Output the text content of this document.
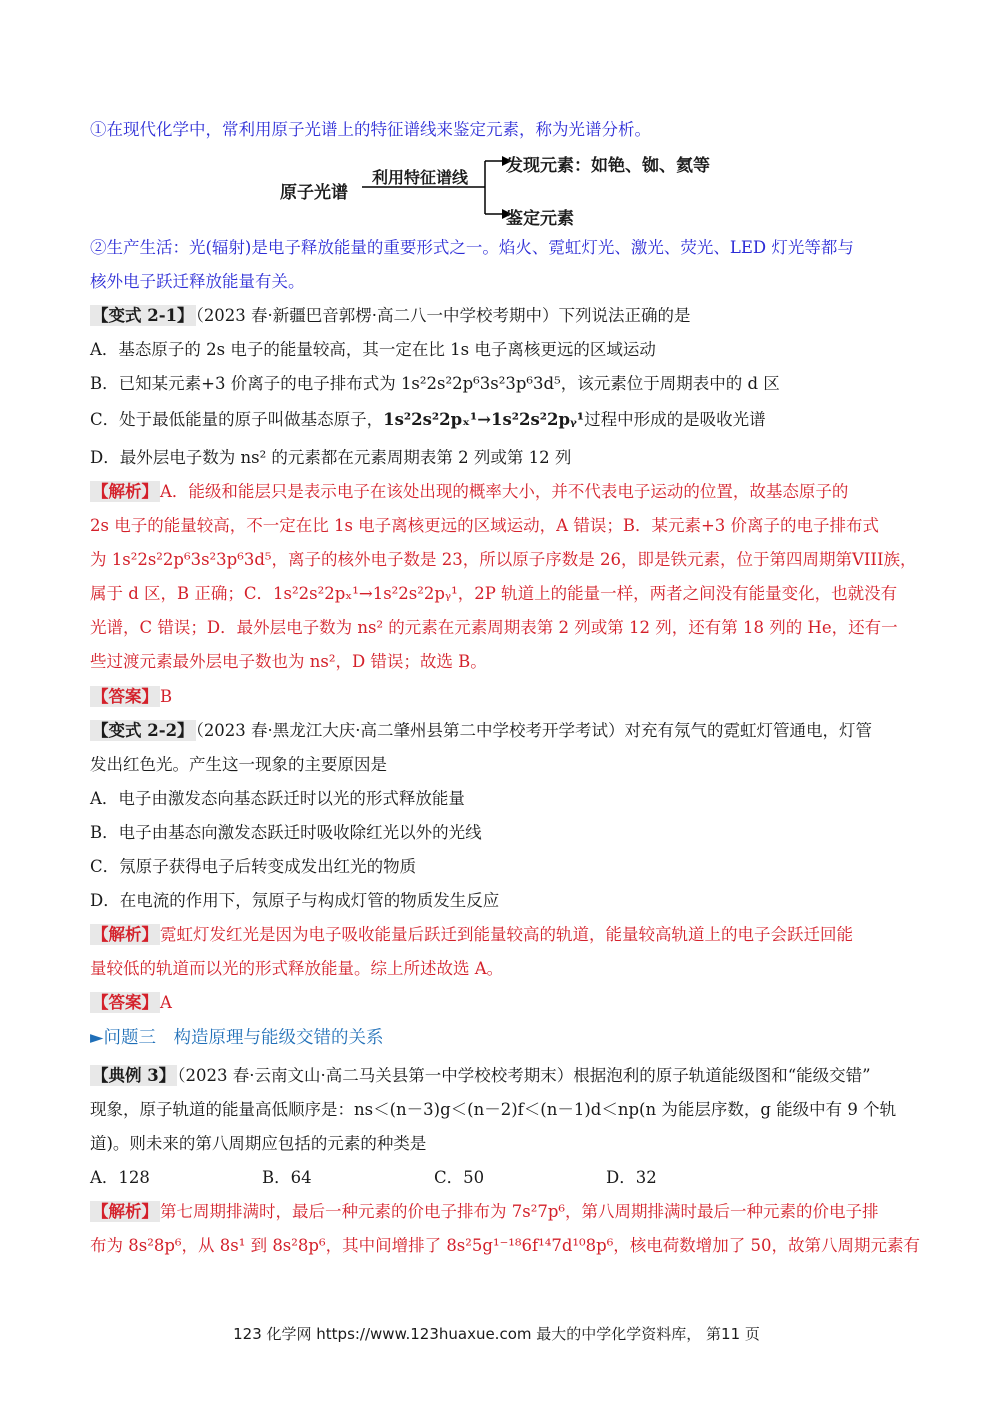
①在现代化学中，常利用原子光谱上的特征谱线来鉴定元素，称为光谱分析。
原子光谱
利用特征谱线
发现元素：如铯、铷、氦等
鉴定元素
②生产生活：光(辐射)是电子释放能量的重要形式之一。焰火、霓虹灯光、激光、荧光、LED 灯光等都与
核外电子跃迁释放能量有关。
【变式 2-1】 （2023 春·新疆巴音郭楞·高二八一中学校考期中）下列说法正确的是
A．基态原子的 2s 电子的能量较高，其一定在比 1s 电子离核更远的区域运动
B．已知某元素+3 价离子的电子排布式为 1s²2s²2p⁶3s²3p⁶3d⁵，该元素位于周期表中的 d 区
C．处于最低能量的原子叫做基态原子，1s²2s²2pₓ¹→1s²2s²2pᵧ¹过程中形成的是吸收光谱
D．最外层电子数为 ns² 的元素都在元素周期表第 2 列或第 12 列
【解析】 A．能级和能层只是表示电子在该处出现的概率大小，并不代表电子运动的位置，故基态原子的
2s 电子的能量较高，不一定在比 1s 电子离核更远的区域运动，A 错误；B．某元素+3 价离子的电子排布式
为 1s²2s²2p⁶3s²3p⁶3d⁵，离子的核外电子数是 23，所以原子序数是 26，即是铁元素，位于第四周期第VIII族，
属于 d 区，B 正确；C．1s²2s²2pₓ¹→1s²2s²2pᵧ¹，2P 轨道上的能量一样，两者之间没有能量变化，也就没有
光谱，C 错误；D．最外层电子数为 ns² 的元素在元素周期表第 2 列或第 12 列，还有第 18 列的 He，还有一
些过渡元素最外层电子数也为 ns²，D 错误；故选 B。
【答案】 B
【变式 2-2】 （2023 春·黑龙江大庆·高二肇州县第二中学校考开学考试）对充有氖气的霓虹灯管通电，灯管
发出红色光。产生这一现象的主要原因是
A．电子由激发态向基态跃迁时以光的形式释放能量
B．电子由基态向激发态跃迁时吸收除红光以外的光线
C．氖原子获得电子后转变成发出红光的物质
D．在电流的作用下，氖原子与构成灯管的物质发生反应
【解析】 霓虹灯发红光是因为电子吸收能量后跃迁到能量较高的轨道，能量较高轨道上的电子会跃迁回能
量较低的轨道而以光的形式释放能量。综上所述故选 A。
【答案】 A
►问题三　构造原理与能级交错的关系
【典例 3】 （2023 春·云南文山·高二马关县第一中学校校考期末）根据泡利的原子轨道能级图和“能级交错”
现象，原子轨道的能量高低顺序是：ns＜(n－3)g＜(n－2)f＜(n－1)d＜np(n 为能层序数，g 能级中有 9 个轨
道)。则未来的第八周期应包括的元素的种类是
A．128	B．64	C．50	D．32
【解析】 第七周期排满时，最后一种元素的价电子排布为 7s²7p⁶，第八周期排满时最后一种元素的价电子排
布为 8s²8p⁶，从 8s¹ 到 8s²8p⁶，其中间增排了 8s²5g¹⁻¹⁸6f¹⁴7d¹⁰8p⁶，核电荷数增加了 50，故第八周期元素有
123 化学网 https://www.123huaxue.com 最大的中学化学资料库， 第11 页
